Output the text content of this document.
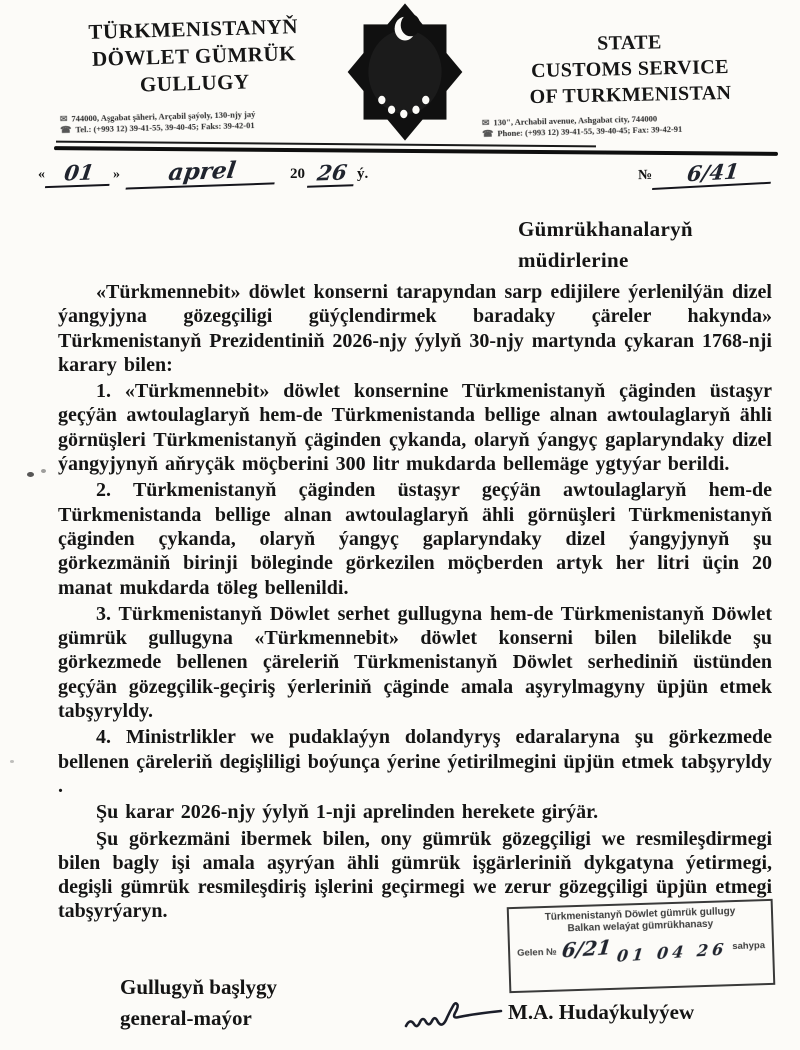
TÜRKMENISTANYŇ
DÖWLET GÜMRÜK
GULLUGY
STATE
CUSTOMS SERVICE
OF TURKMENISTAN
✉ 744000, Aşgabat şäheri, Arçabil şaýoly, 130-njy jaý
☎ Tel.: (+993 12) 39-41-55, 39-40-45; Faks: 39-42-01	✉ 130", Archabil avenue, Ashgabat city, 744000
☎ Phone: (+993 12) 39-41-55, 39-40-45; Fax: 39-42-91
« 01	»	aprel	20 26 ý.	№	6/41
Gümrükhanalaryň
müdirlerine

«Türkmennebit» döwlet konserni tarapyndan sarp edijilere ýerlenilýän dizel ýangyjyna gözegçiligi güýçlendirmek baradaky çäreler hakynda» Türkmenistanyň Prezidentiniň 2026-njy ýylyň 30-njy martynda çykaran 1768-nji karary bilen:

1. «Türkmennebit» döwlet konsernine Türkmenistanyň çäginden üstaşyr geçýän awtoulaglaryň hem-de Türkmenistanda bellige alnan awtoulaglaryň ähli görnüşleri Türkmenistanyň çäginden çykanda, olaryň ýangyç gaplaryndaky dizel ýangyjynyň aňryçäk möçberini 300 litr mukdarda bellemäge ygtyýar berildi.

2. Türkmenistanyň çäginden üstaşyr geçýän awtoulaglaryň hem-de Türkmenistanda bellige alnan awtoulaglaryň ähli görnüşleri Türkmenistanyň çäginden çykanda, olaryň ýangyç gaplaryndaky dizel ýangyjynyň şu görkezmäniň birinji böleginde görkezilen möçberden artyk her litri üçin 20 manat mukdarda töleg bellenildi.

3. Türkmenistanyň Döwlet serhet gullugyna hem-de Türkmenistanyň Döwlet gümrük gullugyna «Türkmennebit» döwlet konserni bilen bilelikde şu görkezmede bellenen çäreleriň Türkmenistanyň Döwlet serhediniň üstünden geçýän gözegçilik-geçiriş ýerleriniň çäginde amala aşyrylmagyny üpjün etmek tabşyryldy.

4. Ministrlikler we pudaklaýyn dolandyryş edaralaryna şu görkezmede bellenen çäreleriň degişliligi boýunça ýerine ýetirilmegini üpjün etmek tabşyryldy .

Şu karar 2026-njy ýylyň 1-nji aprelinden herekete girýär.

Şu görkezmäni ibermek bilen, ony gümrük gözegçiligi we resmileşdirmegi bilen bagly işi amala aşyrýan ähli gümrük işgärleriniň dykgatyna ýetirmegi, degişli gümrük resmileşdiriş işlerini geçirmegi we zerur gözegçiligi üpjün etmegi tabşyrýaryn.	Türkmenistanyň Döwlet gümrük gullugy
Balkan welaýat gümrükhanasy
Gelen № 6/21 01 04 26 sahypa
Gullugyň başlygy
general-maýor	M.A. Hudaýkulyýew
